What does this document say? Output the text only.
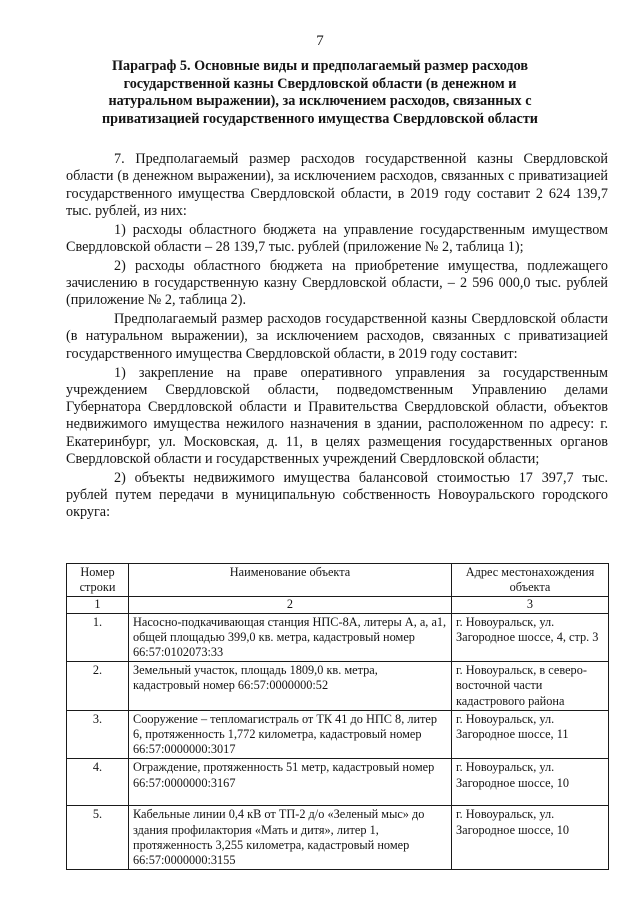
7
Параграф 5. Основные виды и предполагаемый размер расходов государственной казны Свердловской области (в денежном и натуральном выражении), за исключением расходов, связанных с приватизацией государственного имущества Свердловской области

7. Предполагаемый размер расходов государственной казны Свердловской области (в денежном выражении), за исключением расходов, связанных с приватизацией государственного имущества Свердловской области, в 2019 году составит 2 624 139,7 тыс. рублей, из них:

1) расходы областного бюджета на управление государственным имуществом Свердловской области – 28 139,7 тыс. рублей (приложение № 2, таблица 1);

2) расходы областного бюджета на приобретение имущества, подлежащего зачислению в государственную казну Свердловской области, – 2 596 000,0 тыс. рублей (приложение № 2, таблица 2).

Предполагаемый размер расходов государственной казны Свердловской области (в натуральном выражении), за исключением расходов, связанных с приватизацией государственного имущества Свердловской области, в 2019 году составит:

1) закрепление на праве оперативного управления за государственным учреждением Свердловской области, подведомственным Управлению делами Губернатора Свердловской области и Правительства Свердловской области, объектов недвижимого имущества нежилого назначения в здании, расположенном по адресу: г. Екатеринбург, ул. Московская, д. 11, в целях размещения государственных органов Свердловской области и государственных учреждений Свердловской области;

2) объекты недвижимого имущества балансовой стоимостью 17 397,7 тыс. рублей путем передачи в муниципальную собственность Новоуральского городского округа:

Номер строки	Наименование объекта	Адрес местонахождения объекта
1	2	3
1.	Насосно-подкачивающая станция НПС-8А, литеры А, а, а1, общей площадью 399,0 кв. метра, кадастровый номер 66:57:0102073:33	г. Новоуральск, ул. Загородное шоссе, 4, стр. 3
2.	Земельный участок, площадь 1809,0 кв. метра, кадастровый номер 66:57:0000000:52	г. Новоуральск, в северо-восточной части кадастрового района
3.	Сооружение – тепломагистраль от ТК 41 до НПС 8, литер 6, протяженность 1,772 километра, кадастровый номер 66:57:0000000:3017	г. Новоуральск, ул. Загородное шоссе, 11
4.	Ограждение, протяженность 51 метр, кадастровый номер 66:57:0000000:3167	г. Новоуральск, ул. Загородное шоссе, 10
5.	Кабельные линии 0,4 кВ от ТП-2 д/о «Зеленый мыс» до здания профилактория «Мать и дитя», литер 1, протяженность 3,255 километра, кадастровый номер 66:57:0000000:3155	г. Новоуральск, ул. Загородное шоссе, 10
